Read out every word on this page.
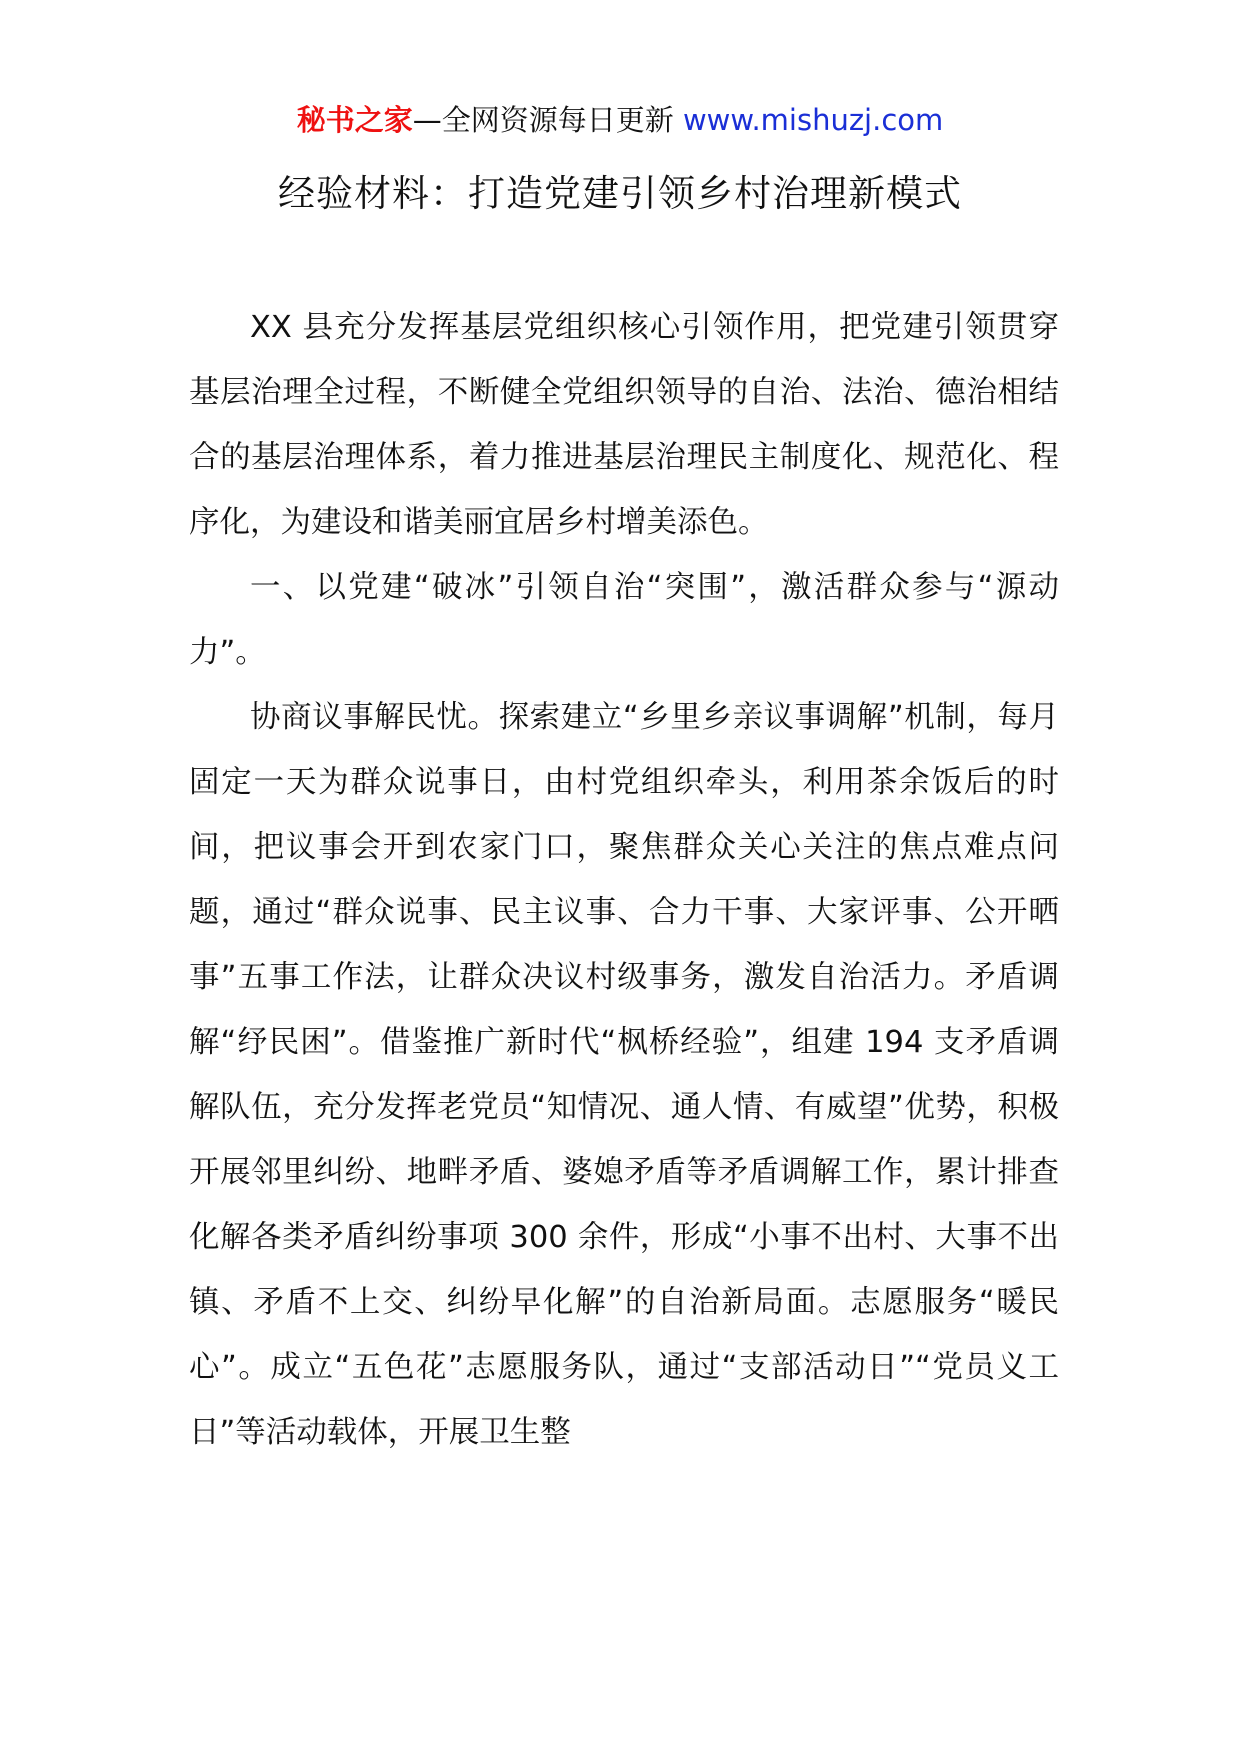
秘书之家—全网资源每日更新 www.mishuzj.com
经验材料：打造党建引领乡村治理新模式

XX 县充分发挥基层党组织核心引领作用，把党建引领贯穿基层治理全过程，不断健全党组织领导的自治、法治、德治相结合的基层治理体系，着力推进基层治理民主制度化、规范化、程序化，为建设和谐美丽宜居乡村增美添色。

一、以党建“破冰”引领自治“突围”，激活群众参与“源动力”。

协商议事解民忧。探索建立“乡里乡亲议事调解”机制，每月固定一天为群众说事日，由村党组织牵头，利用茶余饭后的时间，把议事会开到农家门口，聚焦群众关心关注的焦点难点问题，通过“群众说事、民主议事、合力干事、大家评事、公开晒事”五事工作法，让群众决议村级事务，激发自治活力。矛盾调解“纾民困”。借鉴推广新时代“枫桥经验”，组建 194 支矛盾调解队伍，充分发挥老党员“知情况、通人情、有威望”优势，积极开展邻里纠纷、地畔矛盾、婆媳矛盾等矛盾调解工作，累计排查化解各类矛盾纠纷事项 300 余件，形成“小事不出村、大事不出镇、矛盾不上交、纠纷早化解”的自治新局面。志愿服务“暖民心”。成立“五色花”志愿服务队，通过“支部活动日”“党员义工日”等活动载体，开展卫生整
